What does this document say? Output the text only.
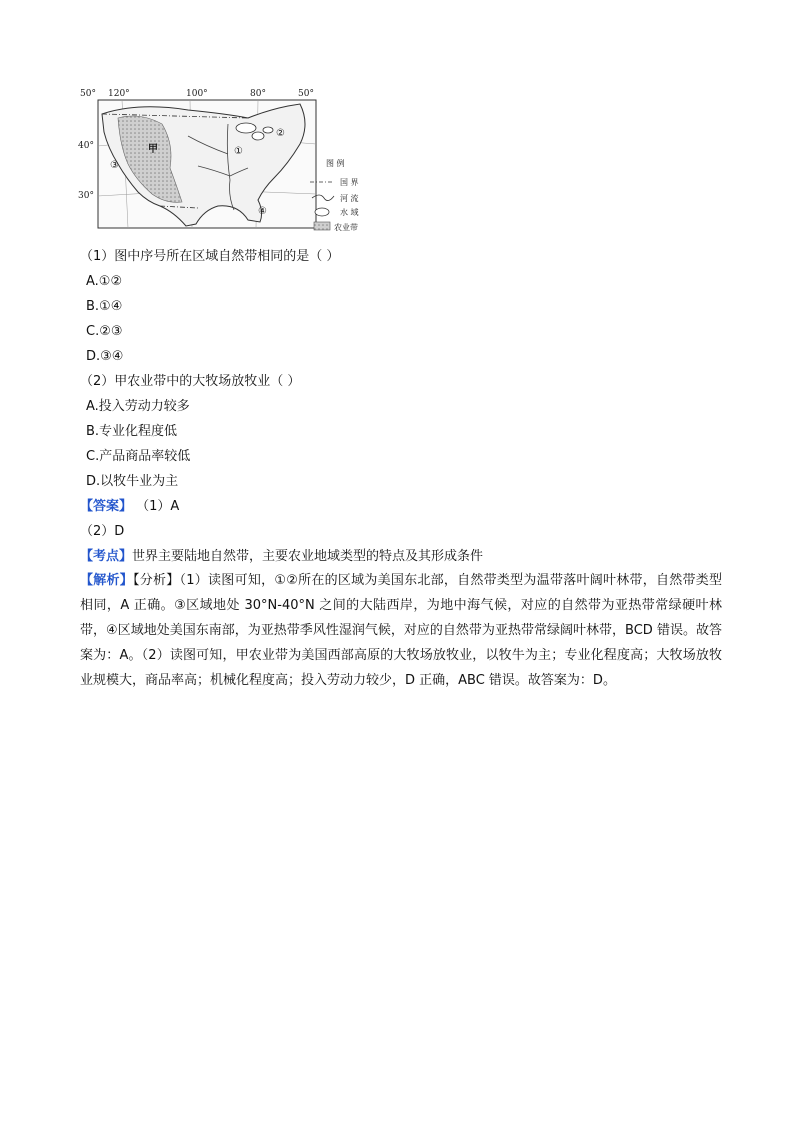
50° 120°	100°	80°	50°
40°
30°
甲	①
②
③
④
图 例
国 界
河 流
水 域
农业带
（1）图中序号所在区域自然带相同的是（ ）
A.①②
B.①④
C.②③
D.③④
（2）甲农业带中的大牧场放牧业（ ）
A.投入劳动力较多
B.专业化程度低
C.产品商品率较低
D.以牧牛业为主
【答案】 （1）A
（2）D
【考点】世界主要陆地自然带，主要农业地域类型的特点及其形成条件
【解析】【分析】（1）读图可知，①②所在的区域为美国东北部，自然带类型为温带落叶阔叶林带，自然带类型相同，A 正确。③区域地处 30°N-40°N 之间的大陆西岸，为地中海气候，对应的自然带为亚热带常绿硬叶林带，④区域地处美国东南部，为亚热带季风性湿润气候，对应的自然带为亚热带常绿阔叶林带，BCD 错误。故答案为：A。（2）读图可知，甲农业带为美国西部高原的大牧场放牧业，以牧牛为主；专业化程度高；大牧场放牧业规模大，商品率高；机械化程度高；投入劳动力较少，D 正确，ABC 错误。故答案为：D。
